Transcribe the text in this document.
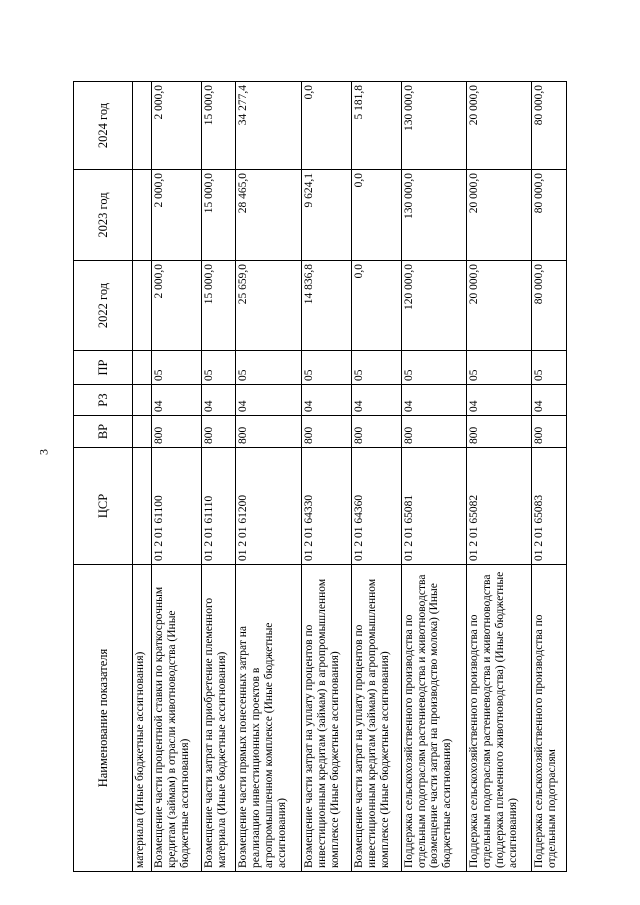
3
Наименование показателя	ЦСР	ВР	РЗ	ПР	2022 год	2023 год	2024 год
материала (Иные бюджетные ассигнования)							
Возмещение части процентной ставки по краткосрочным кредитам (займам) в отрасли животноводства (Иные бюджетные ассигнования)	01 2 01 61100	800	04	05	2 000,0	2 000,0	2 000,0
Возмещение части затрат на приобретение племенного материала (Иные бюджетные ассигнования)	01 2 01 61110	800	04	05	15 000,0	15 000,0	15 000,0
Возмещение части прямых понесенных затрат на реализацию инвестиционных проектов в агропромышленном комплексе (Иные бюджетные ассигнования)	01 2 01 61200	800	04	05	25 659,0	28 465,0	34 277,4
Возмещение части затрат на уплату процентов по инвестиционным кредитам (займам) в агропромышленном комплексе (Иные бюджетные ассигнования)	01 2 01 64330	800	04	05	14 836,8	9 624,1	0,0
Возмещение части затрат на уплату процентов по инвестиционным кредитам (займам) в агропромышленном комплексе (Иные бюджетные ассигнования)	01 2 01 64360	800	04	05	0,0	0,0	5 181,8
Поддержка сельскохозяйственного производства по отдельным подотраслям растениеводства и животноводства (возмещение части затрат на производство молока) (Иные бюджетные ассигнования)	01 2 01 65081	800	04	05	120 000,0	130 000,0	130 000,0
Поддержка сельскохозяйственного производства по отдельным подотраслям растениеводства и животноводства (поддержка племенного животноводства) (Иные бюджетные ассигнования)	01 2 01 65082	800	04	05	20 000,0	20 000,0	20 000,0
Поддержка сельскохозяйственного производства по отдельным подотраслям	01 2 01 65083	800	04	05	80 000,0	80 000,0	80 000,0
